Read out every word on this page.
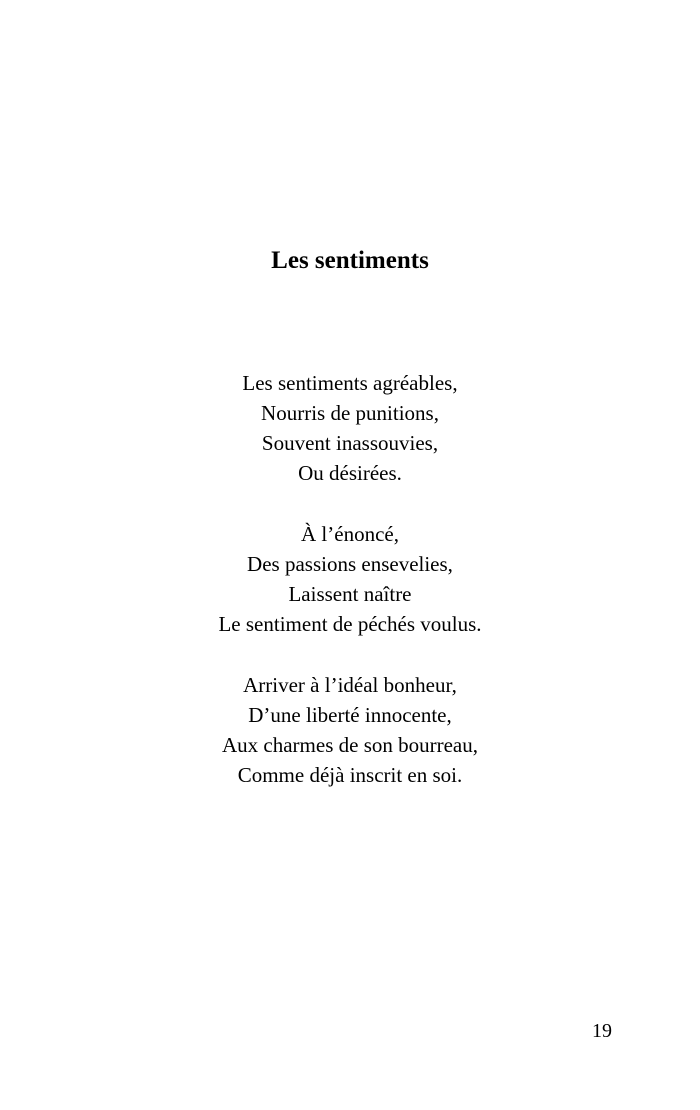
Les sentiments
Les sentiments agréables,
Nourris de punitions,
Souvent inassouvies,
Ou désirées.
À l’énoncé,
Des passions ensevelies,
Laissent naître
Le sentiment de péchés voulus.
Arriver à l’idéal bonheur,
D’une liberté innocente,
Aux charmes de son bourreau,
Comme déjà inscrit en soi.
19
